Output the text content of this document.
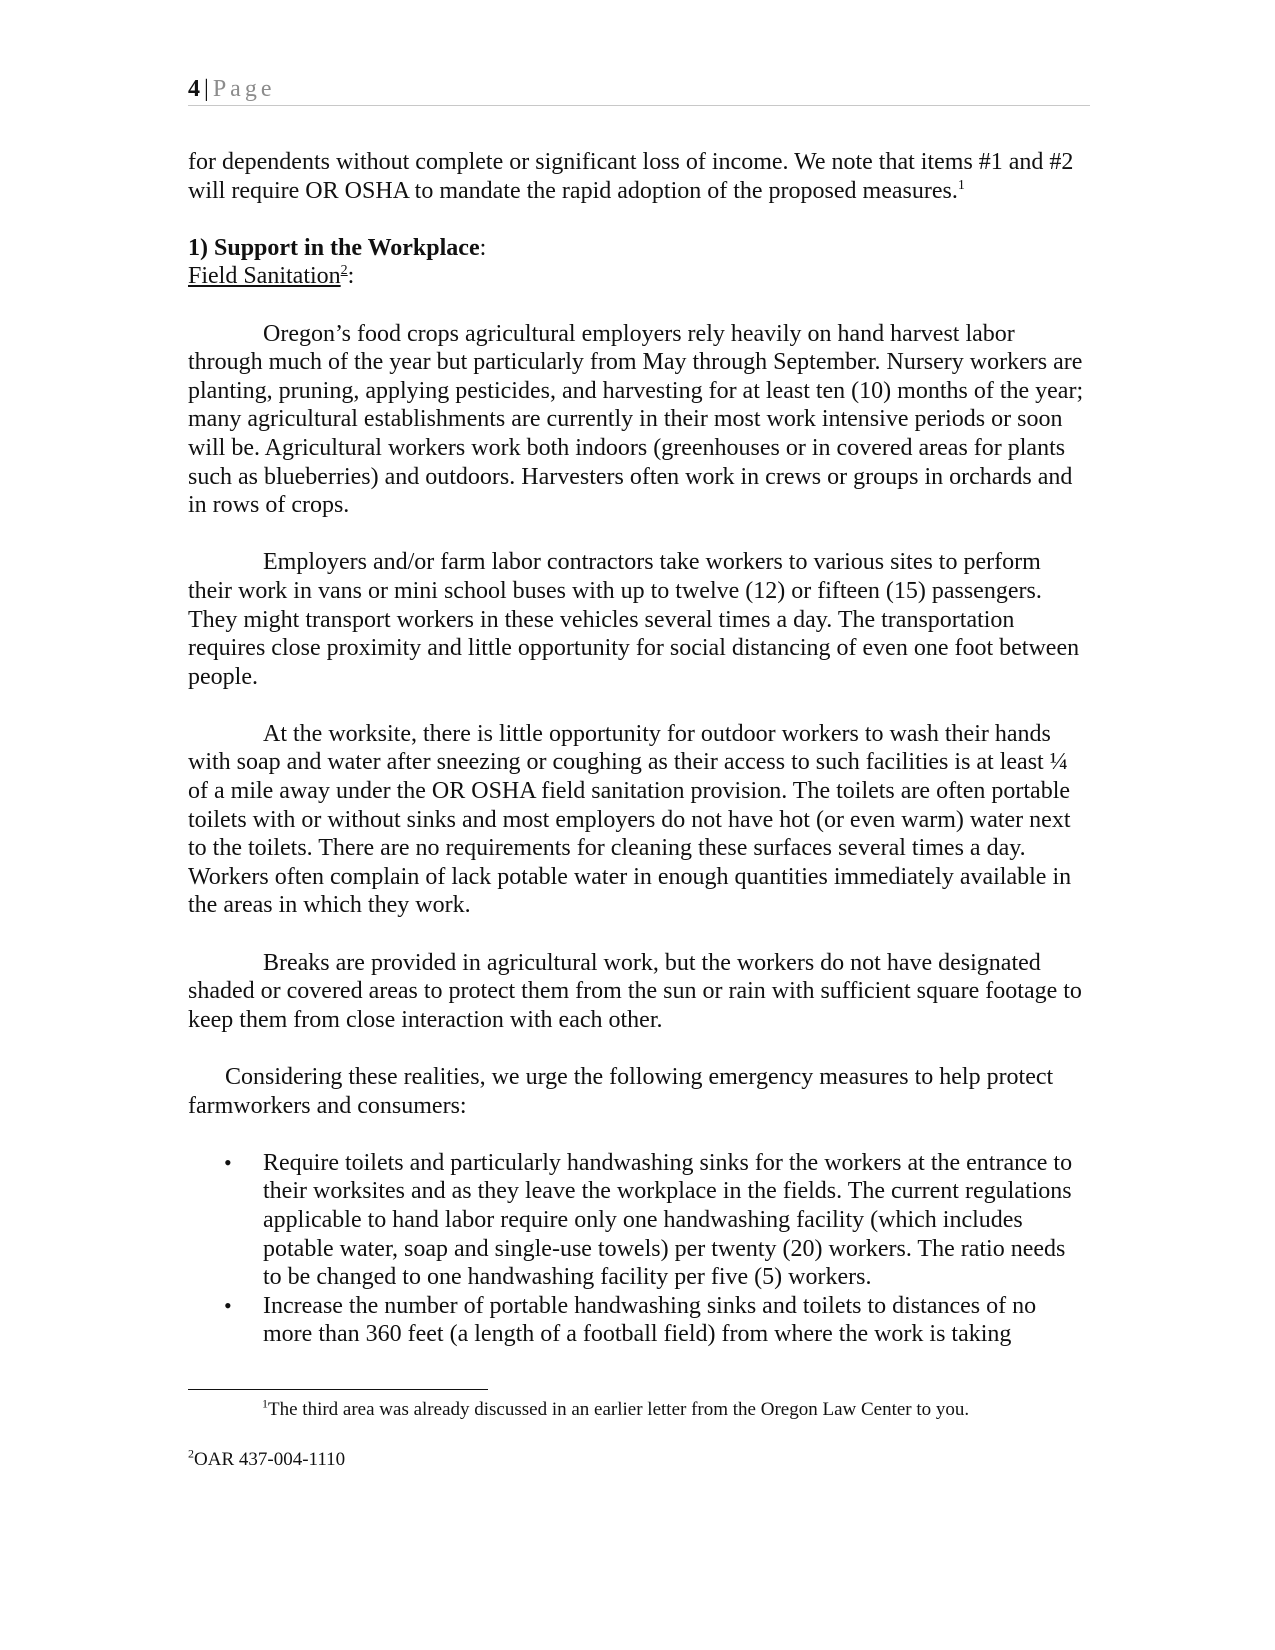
4 | Page

for dependents without complete or significant loss of income. We note that items #1 and #2 will require OR OSHA to mandate the rapid adoption of the proposed measures.$^1$

1) Support in the Workplace:

Field Sanitation$^2$:

Oregon’s food crops agricultural employers rely heavily on hand harvest labor through much of the year but particularly from May through September. Nursery workers are planting, pruning, applying pesticides, and harvesting for at least ten (10) months of the year; many agricultural establishments are currently in their most work intensive periods or soon will be. Agricultural workers work both indoors (greenhouses or in covered areas for plants such as blueberries) and outdoors. Harvesters often work in crews or groups in orchards and in rows of crops.

Employers and/or farm labor contractors take workers to various sites to perform their work in vans or mini school buses with up to twelve (12) or fifteen (15) passengers. They might transport workers in these vehicles several times a day. The transportation requires close proximity and little opportunity for social distancing of even one foot between people.

At the worksite, there is little opportunity for outdoor workers to wash their hands with soap and water after sneezing or coughing as their access to such facilities is at least ¼ of a mile away under the OR OSHA field sanitation provision. The toilets are often portable toilets with or without sinks and most employers do not have hot (or even warm) water next to the toilets. There are no requirements for cleaning these surfaces several times a day. Workers often complain of lack potable water in enough quantities immediately available in the areas in which they work.

Breaks are provided in agricultural work, but the workers do not have designated shaded or covered areas to protect them from the sun or rain with sufficient square footage to keep them from close interaction with each other.

Considering these realities, we urge the following emergency measures to help protect farmworkers and consumers:

• Require toilets and particularly handwashing sinks for the workers at the entrance to their worksites and as they leave the workplace in the fields. The current regulations applicable to hand labor require only one handwashing facility (which includes potable water, soap and single-use towels) per twenty (20) workers. The ratio needs to be changed to one handwashing facility per five (5) workers.
• Increase the number of portable handwashing sinks and toilets to distances of no more than 360 feet (a length of a football field) from where the work is taking
$^1$The third area was already discussed in an earlier letter from the Oregon Law Center to you.
$^2$OAR 437-004-1110
